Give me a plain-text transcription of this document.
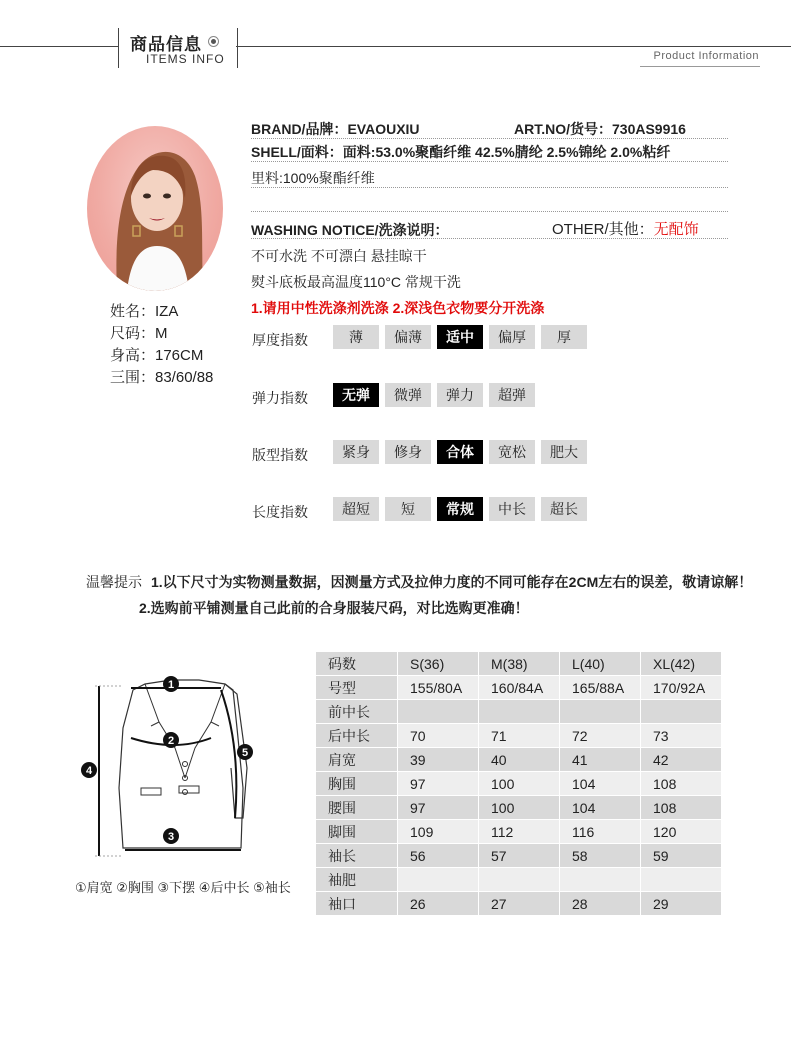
商品信息
ITEMS INFO	Product Information
姓名：IZA
尺码：M
身高：176CM
三围：83/60/88
BRAND/品牌：EVAOUXIU	ART.NO/货号：730AS9916
SHELL/面料：面料:53.0%聚酯纤维 42.5%腈纶 2.5%锦纶 2.0%粘纤
里料:100%聚酯纤维
WASHING NOTICE/洗涤说明：	OTHER/其他：无配饰
不可水洗 不可漂白 悬挂晾干
熨斗底板最高温度110°C 常规干洗
1.请用中性洗涤剂洗涤 2.深浅色衣物要分开洗涤
厚度指数	薄	偏薄	适中	偏厚	厚
弹力指数	无弹	微弹	弹力	超弹
版型指数	紧身	修身	合体	宽松	肥大
长度指数	超短	短	常规	中长	超长
温馨提示 1.以下尺寸为实物测量数据，因测量方式及拉伸力度的不同可能存在2CM左右的误差，敬请谅解！
2.选购前平铺测量自己此前的合身服装尺码，对比选购更准确！
1
2
3
4
5
①肩宽 ②胸围 ③下摆 ④后中长 ⑤袖长
码数	S(36)	M(38)	L(40)	XL(42)
号型	155/80A	160/84A	165/88A	170/92A
前中长				
后中长	70	71	72	73
肩宽	39	40	41	42
胸围	97	100	104	108
腰围	97	100	104	108
脚围	109	112	116	120
袖长	56	57	58	59
袖肥				
袖口	26	27	28	29
